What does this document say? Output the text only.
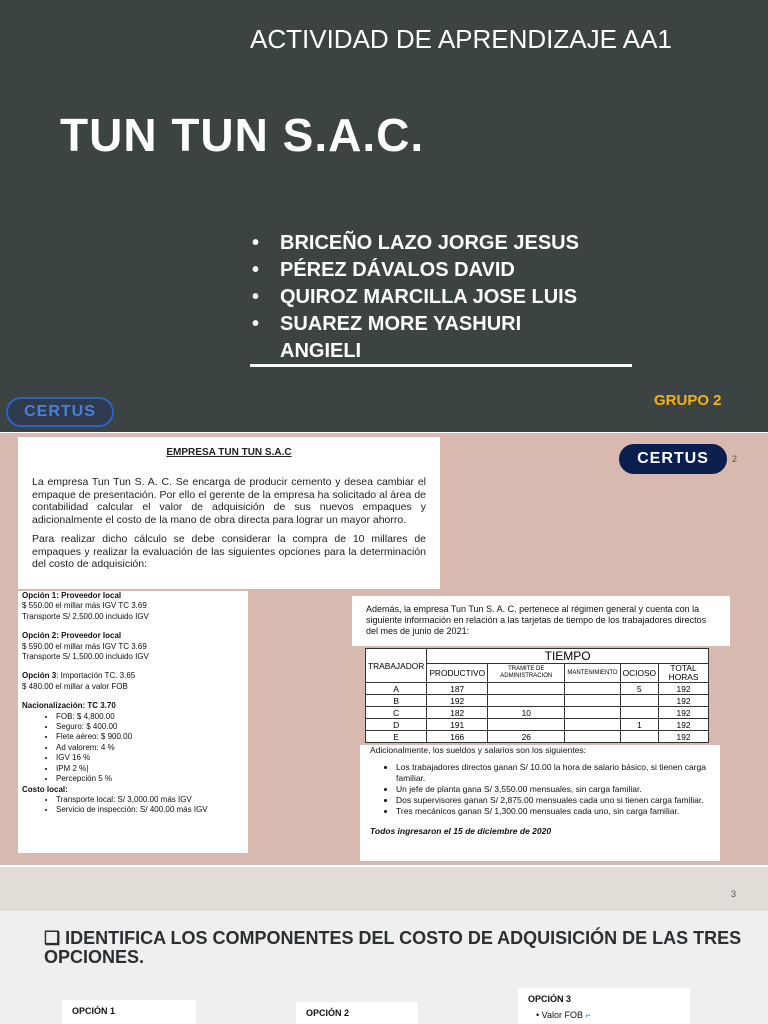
ACTIVIDAD DE APRENDIZAJE AA1
TUN TUN S.A.C.
•	BRICEÑO LAZO JORGE JESUS
•	PÉREZ DÁVALOS DAVID
•	QUIROZ MARCILLA JOSE LUIS
•	SUAREZ MORE YASHURI
ANGIELI
GRUPO 2
CERTUS
CERTUS	2
EMPRESA TUN TUN S.A.C

La empresa Tun Tun S. A. C. Se encarga de producir cemento y desea cambiar el empaque de presentación. Por ello el gerente de la empresa ha solicitado al área de contabilidad calcular el valor de adquisición de sus nuevos empaques y adicionalmente el costo de la mano de obra directa para lograr un mayor ahorro.

Para realizar dicho cálculo se debe considerar la compra de 10 millares de empaques y realizar la evaluación de las siguientes opciones para la determinación del costo de adquisición:

Opción 1: Proveedor local
$ 550.00 el millar más IGV TC 3.69
Transporte S/ 2,500.00 incluido IGV
Opción 2: Proveedor local
$ 590.00 el millar más IGV TC 3.69
Transporte S/ 1,500.00 incluido IGV
Opción 3: Importación TC. 3.65
$ 480.00 el millar a valor FOB
Nacionalización: TC 3.70
• FOB: $ 4,800.00
• Seguro: $ 400.00
• Flete aéreo: $ 900.00
• Ad valorem: 4 %
• IGV 16 %
• IPM 2 %|
• Percepción 5 %
Costo local:
• Transporte local: S/ 3,000.00 más IGV
• Servicio de inspección: S/ 400.00 más IGV
Además, la empresa Tun Tun S. A. C. pertenece al régimen general y cuenta con la siguiente información en relación a las tarjetas de tiempo de los trabajadores directos del mes de junio de 2021:
TRABAJADOR	TIEMPO				
	PRODUCTIVO	TRAMITE DE ADMINISTRACION	MANTENIMIENTO	OCIOSO	TOTAL HORAS
A	187			5	192
B	192				192
C	182	10			192
D	191			1	192
E	166	26			192
Adicionalmente, los sueldos y salarios son los siguientes:
• Los trabajadores directos ganan S/ 10.00 la hora de salario básico, si tienen carga familiar.
• Un jefe de planta gana S/ 3,550.00 mensuales, sin carga familiar.
• Dos supervisores ganan S/ 2,875.00 mensuales cada uno si tienen carga familiar.
• Tres mecánicos ganan S/ 1,300.00 mensuales cada uno, sin carga familiar.
Todos ingresaron el 15 de diciembre de 2020
3
❑ IDENTIFICA LOS COMPONENTES DEL COSTO DE ADQUISICIÓN DE LAS TRES OPCIONES.
OPCIÓN 1	OPCIÓN 2
OPCIÓN 3
• Valor FOB ⌐
